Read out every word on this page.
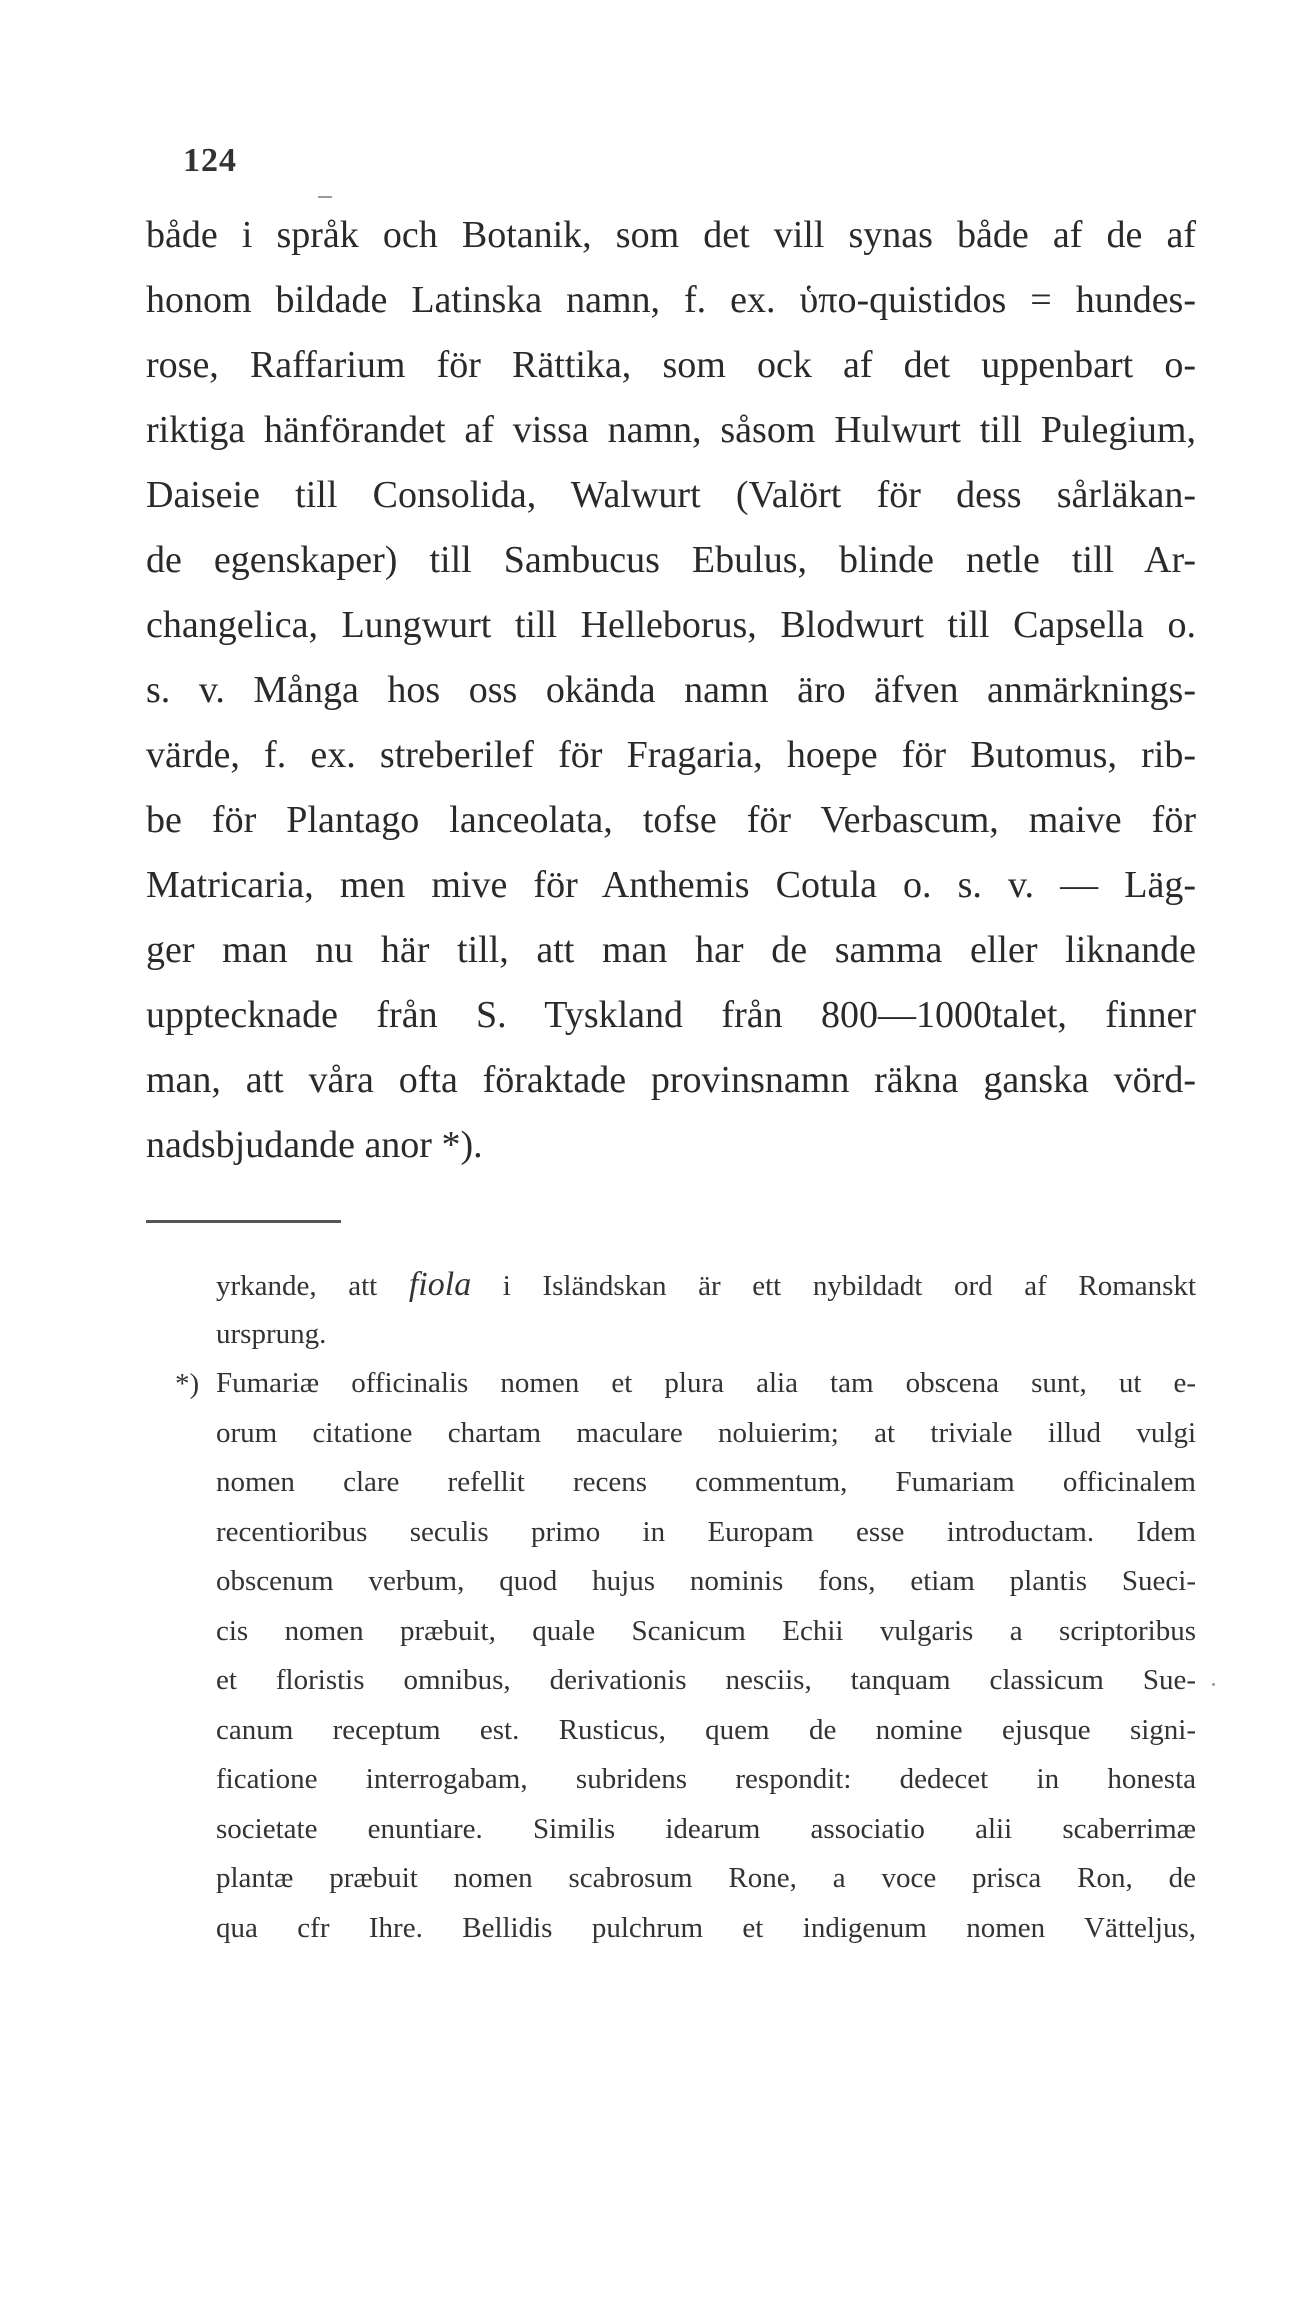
124
både i språk och Botanik, som det vill synas både af de af
honom bildade Latinska namn, f. ex. ὑπο-quistidos = hundes-
rose, Raffarium för Rättika, som ock af det uppenbart o-
riktiga hänförandet af vissa namn, såsom Hulwurt till Pulegium,
Daiseie till Consolida, Walwurt (Valört för dess sårläkan-
de egenskaper) till Sambucus Ebulus, blinde netle till Ar-
changelica, Lungwurt till Helleborus, Blodwurt till Capsella o.
s. v. Många hos oss okända namn äro äfven anmärknings-
värde, f. ex. streberilef för Fragaria, hoepe för Butomus, rib-
be för Plantago lanceolata, tofse för Verbascum, maive för
Matricaria, men mive för Anthemis Cotula o. s. v. — Läg-
ger man nu här till, att man har de samma eller liknande
upptecknade från S. Tyskland från 800—1000talet, finner
man, att våra ofta föraktade provinsnamn räkna ganska vörd-
nadsbjudande anor *).
*)
yrkande, att fiola i Isländskan är ett nybildadt ord af Romanskt
ursprung.
Fumariæ officinalis nomen et plura alia tam obscena sunt, ut e-
orum citatione chartam maculare noluierim; at triviale illud vulgi
nomen clare refellit recens commentum, Fumariam officinalem
recentioribus seculis primo in Europam esse introductam. Idem
obscenum verbum, quod hujus nominis fons, etiam plantis Sueci-
cis nomen præbuit, quale Scanicum Echii vulgaris a scriptoribus
et floristis omnibus, derivationis nesciis, tanquam classicum Sue-
canum receptum est. Rusticus, quem de nomine ejusque signi-
ficatione interrogabam, subridens respondit: dedecet in honesta
societate enuntiare. Similis idearum associatio alii scaberrimæ
plantæ præbuit nomen scabrosum Rone, a voce prisca Ron, de
qua cfr Ihre. Bellidis pulchrum et indigenum nomen Vätteljus,
